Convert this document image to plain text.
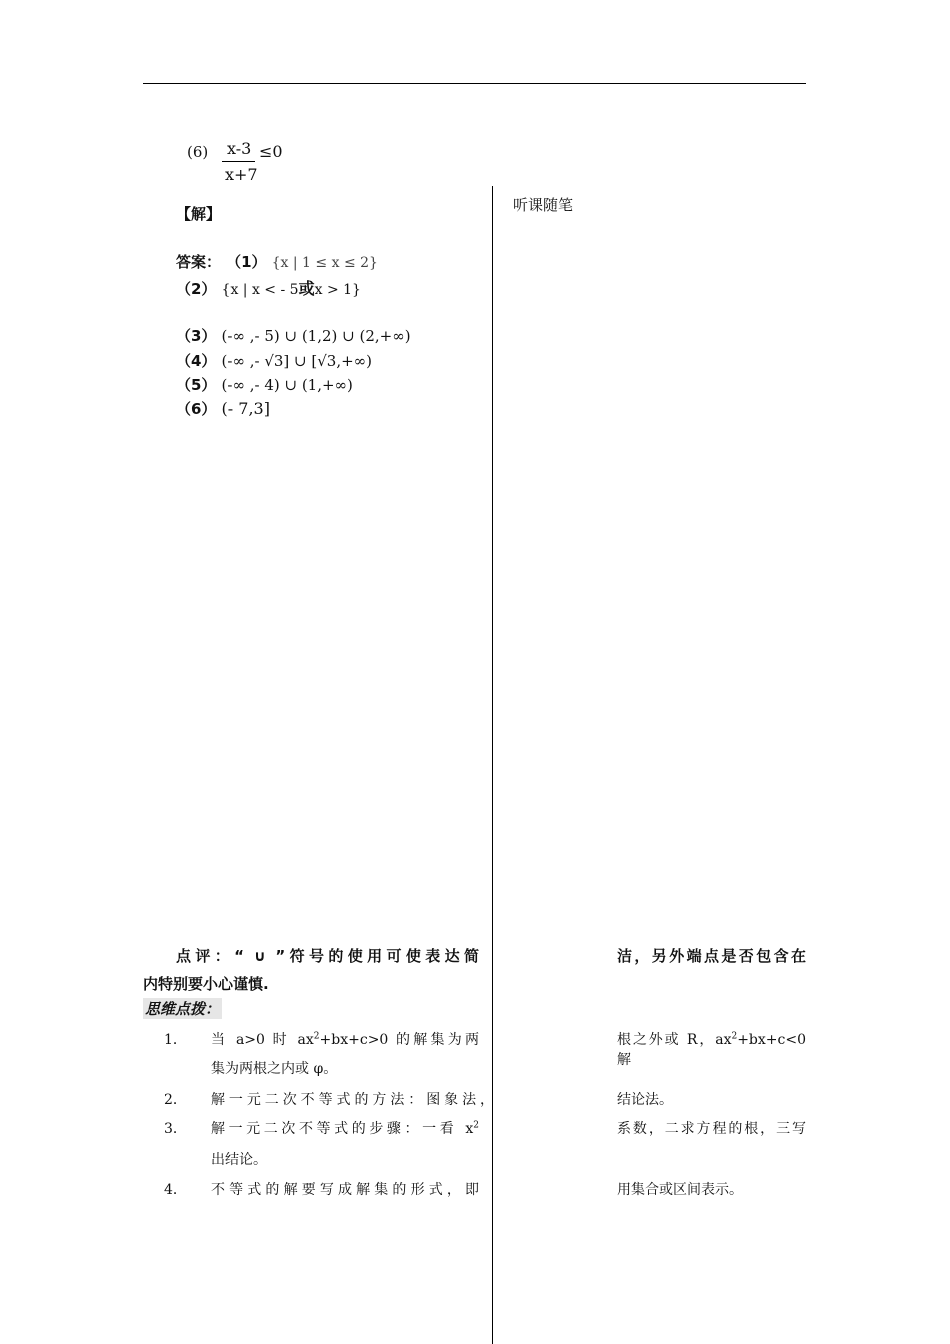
(6) x-3
x+7
≤0
【解】	听课随笔
答案： （1） {x | 1 ≤ x ≤ 2}
（2） {x | x < - 5或x > 1}
（3） (-∞ ,- 5) ∪ (1,2) ∪ (2,+∞)
（4） (-∞ ,- √3] ∪ [√3,+∞)
（5） (-∞ ,- 4) ∪ (1,+∞)
（6） (- 7,3]
点评：“ ∪ ”符号的使用可使表达简	洁，另外端点是否包含在
内特别要小心谨慎.
思维点拨：
1． 当 a>0 时 $ax^2+bx+c>0$ 的解集为两	根之外或 R，$ax^2+bx+c<0$ 解
集为两根之内或 φ。
2． 解一元二次不等式的方法：图象法，	结论法。
3． 解一元二次不等式的步骤：一看 $x^2$	系数，二求方程的根，三写
出结论。
4． 不等式的解要写成解集的形式，即	用集合或区间表示。
